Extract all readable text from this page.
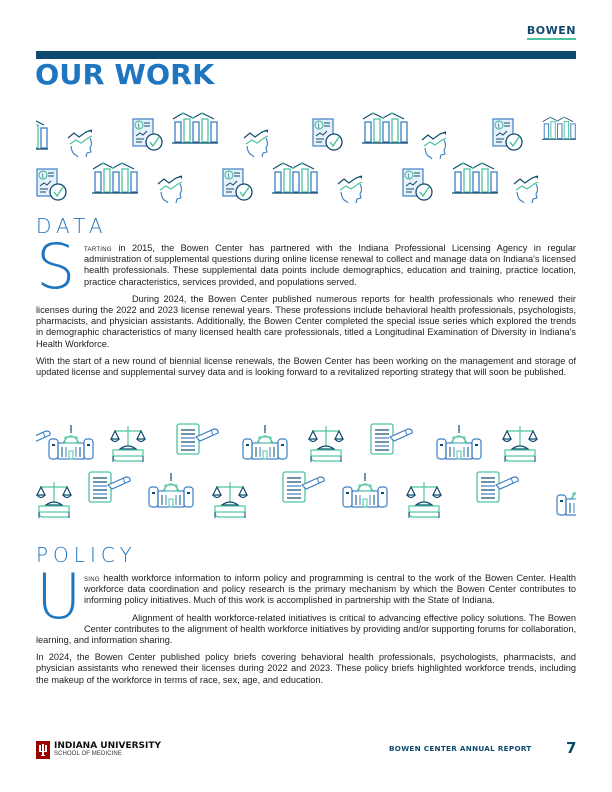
BOWEN
OUR WORK
DATA

Starting in 2015, the Bowen Center has partnered with the Indiana Professional Licensing Agency in regular administration of supplemental questions during online license renewal to collect and manage data on Indiana's licensed health professionals. These supplemental data points include demographics, education and training, practice location, practice characteristics, services provided, and populations served.

During 2024, the Bowen Center published numerous reports for health professionals who renewed their licenses during the 2022 and 2023 license renewal years. These professions include behavioral health professionals, psychologists, pharmacists, and physician assistants. Additionally, the Bowen Center completed the special issue series which explored the trends in demographic characteristics of many licensed health care professionals, titled a Longitudinal Examination of Diversity in Indiana's Health Workforce.

With the start of a new round of biennial license renewals, the Bowen Center has been working on the management and storage of updated license and supplemental survey data and is looking forward to a revitalized reporting strategy that will soon be published.

POLICY

Using health workforce information to inform policy and programming is central to the work of the Bowen Center. Health workforce data coordination and policy research is the primary mechanism by which the Bowen Center contributes to informing policy initiatives. Much of this work is accomplished in partnership with the State of Indiana.

Alignment of health workforce-related initiatives is critical to advancing effective policy solutions. The Bowen Center contributes to the alignment of health workforce initiatives by providing and/or supporting forums for collaboration, learning, and information sharing.

In 2024, the Bowen Center published policy briefs covering behavioral health professionals, psychologists, pharmacists, and physician assistants who renewed their licenses during 2022 and 2023. These policy briefs highlighted workforce trends, including the makeup of the workforce in terms of race, sex, age, and education.

INDIANA UNIVERSITY
SCHOOL OF MEDICINE
BOWEN CENTER ANNUAL REPORT 7
